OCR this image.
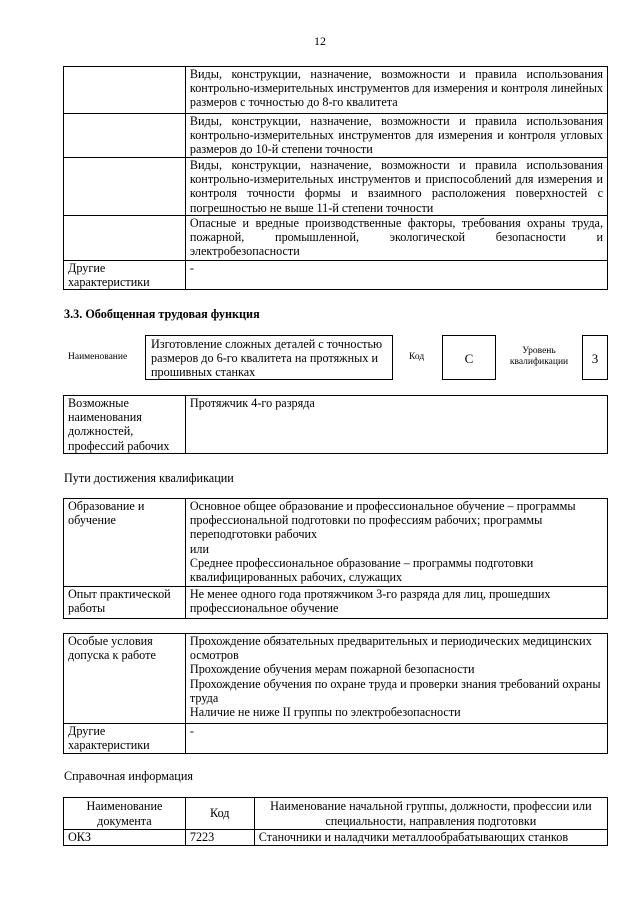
12
	Виды, конструкции, назначение, возможности и правила использования контрольно-измерительных инструментов для измерения и контроля линейных размеров с точностью до 8-го квалитета
	Виды, конструкции, назначение, возможности и правила использования контрольно-измерительных инструментов для измерения и контроля угловых размеров до 10-й степени точности
	Виды, конструкции, назначение, возможности и правила использования контрольно-измерительных инструментов и приспособлений для измерения и контроля точности формы и взаимного расположения поверхностей с погрешностью не выше 11-й степени точности
	Опасные и вредные производственные факторы, требования охраны труда, пожарной, промышленной, экологической безопасности и электробезопасности
Другие характеристики	-
3.3. Обобщенная трудовая функция
Наименование
Изготовление сложных деталей с точностью размеров до 6-го квалитета на протяжных и прошивных станках
Код	C	Уровень квалификации	3
Возможные наименования должностей, профессий рабочих	Протяжчик 4-го разряда
Пути достижения квалификации
Образование и обучение	Основное общее образование и профессиональное обучение – программы профессиональной подготовки по профессиям рабочих; программы переподготовки рабочих
или
Среднее профессиональное образование – программы подготовки квалифицированных рабочих, служащих

Опыт практической работы	Не менее одного года протяжчиком 3-го разряда для лиц, прошедших профессиональное обучение
Особые условия допуска к работе	Прохождение обязательных предварительных и периодических медицинских осмотров
Прохождение обучения мерам пожарной безопасности
Прохождение обучения по охране труда и проверки знания требований охраны труда
Наличие не ниже II группы по электробезопасности

Другие характеристики	-
Справочная информация
Наименование документа	Код	Наименование начальной группы, должности, профессии или специальности, направления подготовки
ОКЗ	7223	Станочники и наладчики металлообрабатывающих станков
